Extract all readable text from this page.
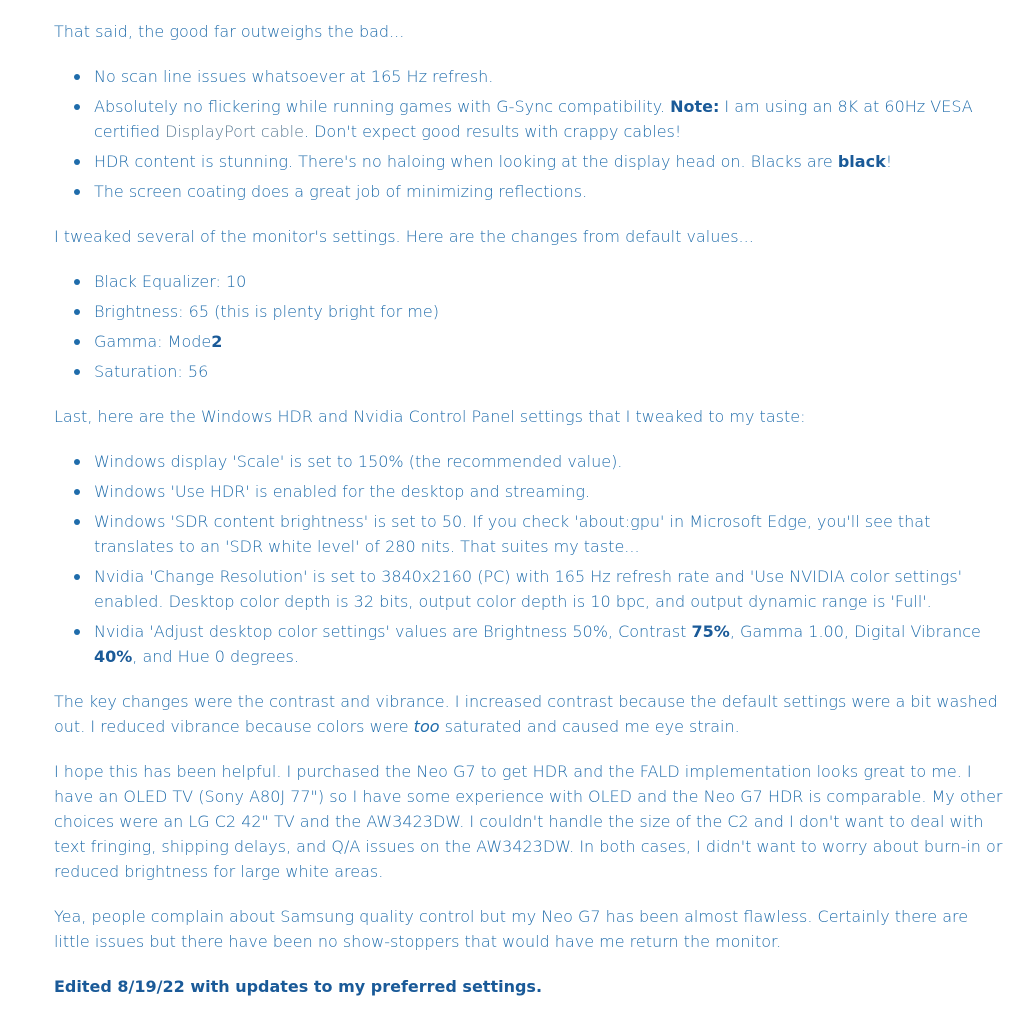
That said, the good far outweighs the bad...

No scan line issues whatsoever at 165 Hz refresh.
Absolutely no flickering while running games with G-Sync compatibility. Note: I am using an 8K at 60Hz VESA certified DisplayPort cable. Don't expect good results with crappy cables!
HDR content is stunning. There's no haloing when looking at the display head on. Blacks are black!
The screen coating does a great job of minimizing reflections.

I tweaked several of the monitor's settings. Here are the changes from default values...

Black Equalizer: 10
Brightness: 65 (this is plenty bright for me)
Gamma: Mode2
Saturation: 56

Last, here are the Windows HDR and Nvidia Control Panel settings that I tweaked to my taste:

Windows display 'Scale' is set to 150% (the recommended value).
Windows 'Use HDR' is enabled for the desktop and streaming.
Windows 'SDR content brightness' is set to 50. If you check 'about:gpu' in Microsoft Edge, you'll see that translates to an 'SDR white level' of 280 nits. That suites my taste...
Nvidia 'Change Resolution' is set to 3840x2160 (PC) with 165 Hz refresh rate and 'Use NVIDIA color settings' enabled. Desktop color depth is 32 bits, output color depth is 10 bpc, and output dynamic range is 'Full'.
Nvidia 'Adjust desktop color settings' values are Brightness 50%, Contrast 75%, Gamma 1.00, Digital Vibrance 40%, and Hue 0 degrees.

The key changes were the contrast and vibrance. I increased contrast because the default settings were a bit washed out. I reduced vibrance because colors were too saturated and caused me eye strain.

I hope this has been helpful. I purchased the Neo G7 to get HDR and the FALD implementation looks great to me. I have an OLED TV (Sony A80J 77") so I have some experience with OLED and the Neo G7 HDR is comparable. My other choices were an LG C2 42" TV and the AW3423DW. I couldn't handle the size of the C2 and I don't want to deal with text fringing, shipping delays, and Q/A issues on the AW3423DW. In both cases, I didn't want to worry about burn-in or reduced brightness for large white areas.

Yea, people complain about Samsung quality control but my Neo G7 has been almost flawless. Certainly there are little issues but there have been no show-stoppers that would have me return the monitor.

Edited 8/19/22 with updates to my preferred settings.
